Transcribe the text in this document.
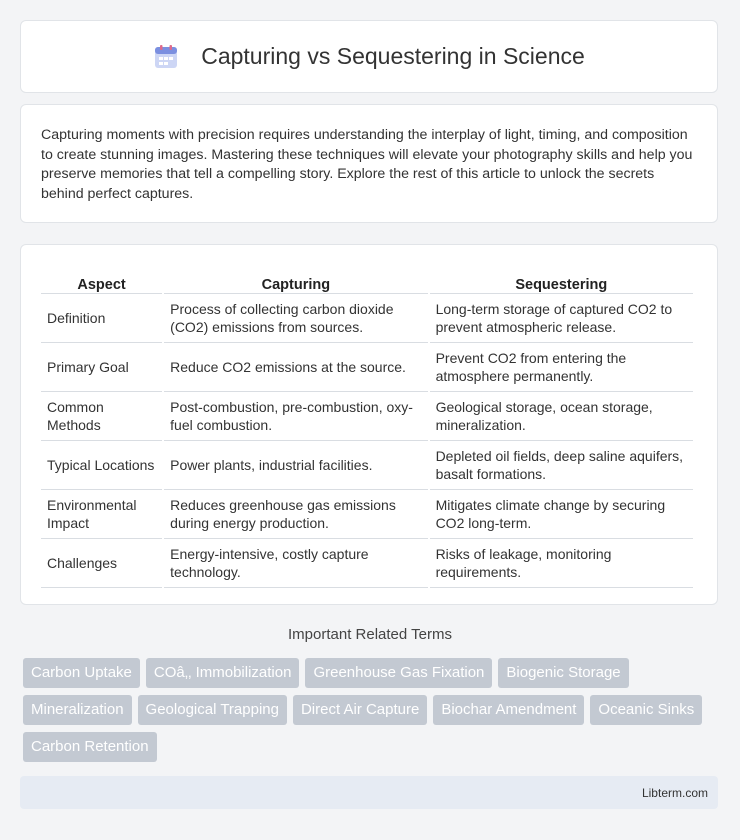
Capturing vs Sequestering in Science

Capturing moments with precision requires understanding the interplay of light, timing, and composition to create stunning images. Mastering these techniques will elevate your photography skills and help you preserve memories that tell a compelling story. Explore the rest of this article to unlock the secrets behind perfect captures.

Aspect	Capturing	Sequestering
Definition	Process of collecting carbon dioxide (CO2) emissions from sources.	Long-term storage of captured CO2 to prevent atmospheric release.
Primary Goal	Reduce CO2 emissions at the source.	Prevent CO2 from entering the atmosphere permanently.
Common Methods	Post-combustion, pre-combustion, oxy-fuel combustion.	Geological storage, ocean storage, mineralization.
Typical Locations	Power plants, industrial facilities.	Depleted oil fields, deep saline aquifers, basalt formations.
Environmental Impact	Reduces greenhouse gas emissions during energy production.	Mitigates climate change by securing CO2 long-term.
Challenges	Energy-intensive, costly capture technology.	Risks of leakage, monitoring requirements.
Important Related Terms
Carbon Uptake	COâ‚‚ Immobilization	Greenhouse Gas Fixation	Biogenic Storage
Mineralization	Geological Trapping	Direct Air Capture	Biochar Amendment	Oceanic Sinks
Carbon Retention
Libterm.com
